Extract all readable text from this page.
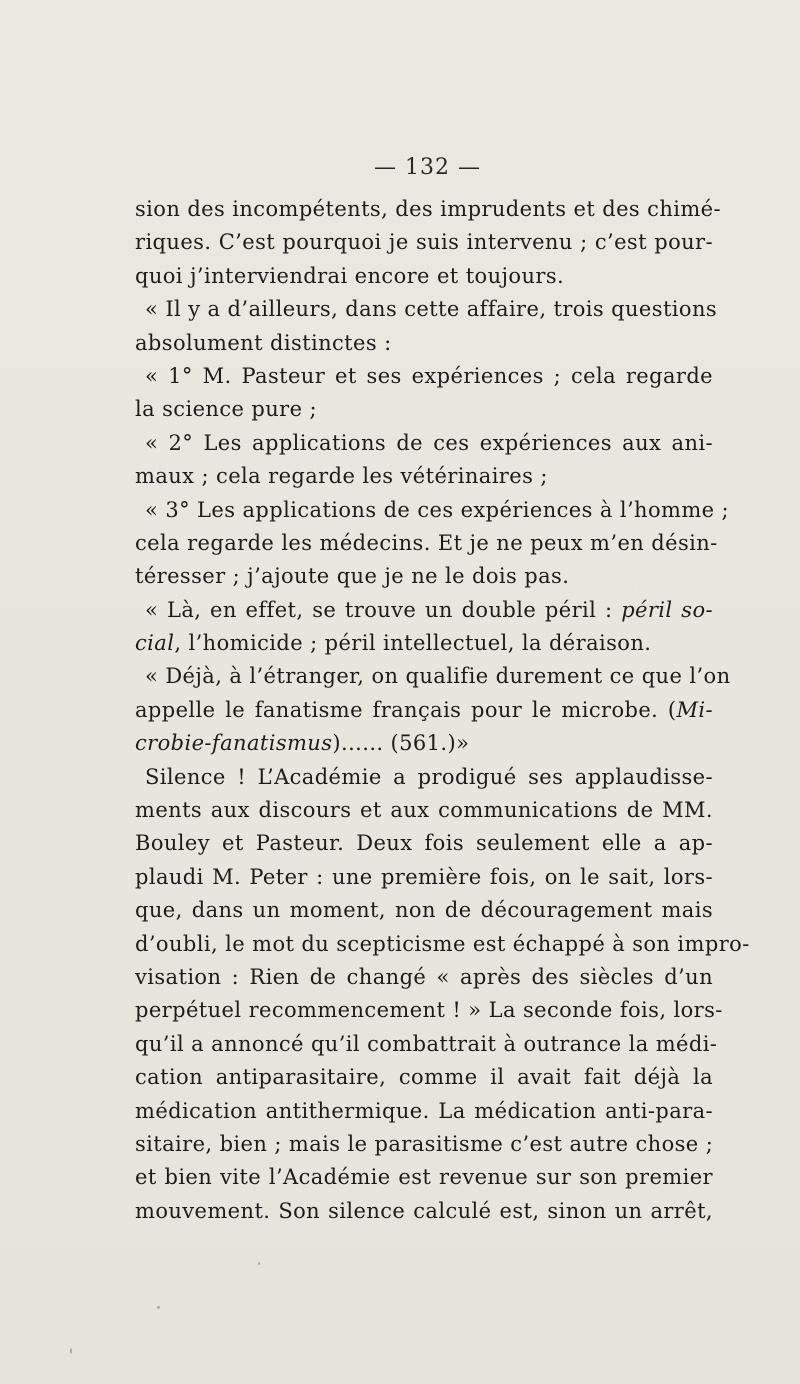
— 132 —
sion des incompétents, des imprudents et des chimé-
riques. C’est pourquoi je suis intervenu ; c’est pour-
quoi j’interviendrai encore et toujours.
« Il y a d’ailleurs, dans cette affaire, trois questions
absolument distinctes :
« 1° M. Pasteur et ses expériences ; cela regarde
la science pure ;
« 2° Les applications de ces expériences aux ani-
maux ; cela regarde les vétérinaires ;
« 3° Les applications de ces expériences à l’homme ;
cela regarde les médecins. Et je ne peux m’en désin-
téresser ; j’ajoute que je ne le dois pas.
« Là, en effet, se trouve un double péril : péril so-
cial, l’homicide ; péril intellectuel, la déraison.
« Déjà, à l’étranger, on qualifie durement ce que l’on
appelle le fanatisme français pour le microbe. (Mi-
crobie-fanatismus)...... (561.)»
Silence ! L’Académie a prodigué ses applaudisse-
ments aux discours et aux communications de MM.
Bouley et Pasteur. Deux fois seulement elle a ap-
plaudi M. Peter : une première fois, on le sait, lors-
que, dans un moment, non de découragement mais
d’oubli, le mot du scepticisme est échappé à son impro-
visation : Rien de changé « après des siècles d’un
perpétuel recommencement ! » La seconde fois, lors-
qu’il a annoncé qu’il combattrait à outrance la médi-
cation antiparasitaire, comme il avait fait déjà la
médication antithermique. La médication anti-para-
sitaire, bien ; mais le parasitisme c’est autre chose ;
et bien vite l’Académie est revenue sur son premier
mouvement. Son silence calculé est, sinon un arrêt,
